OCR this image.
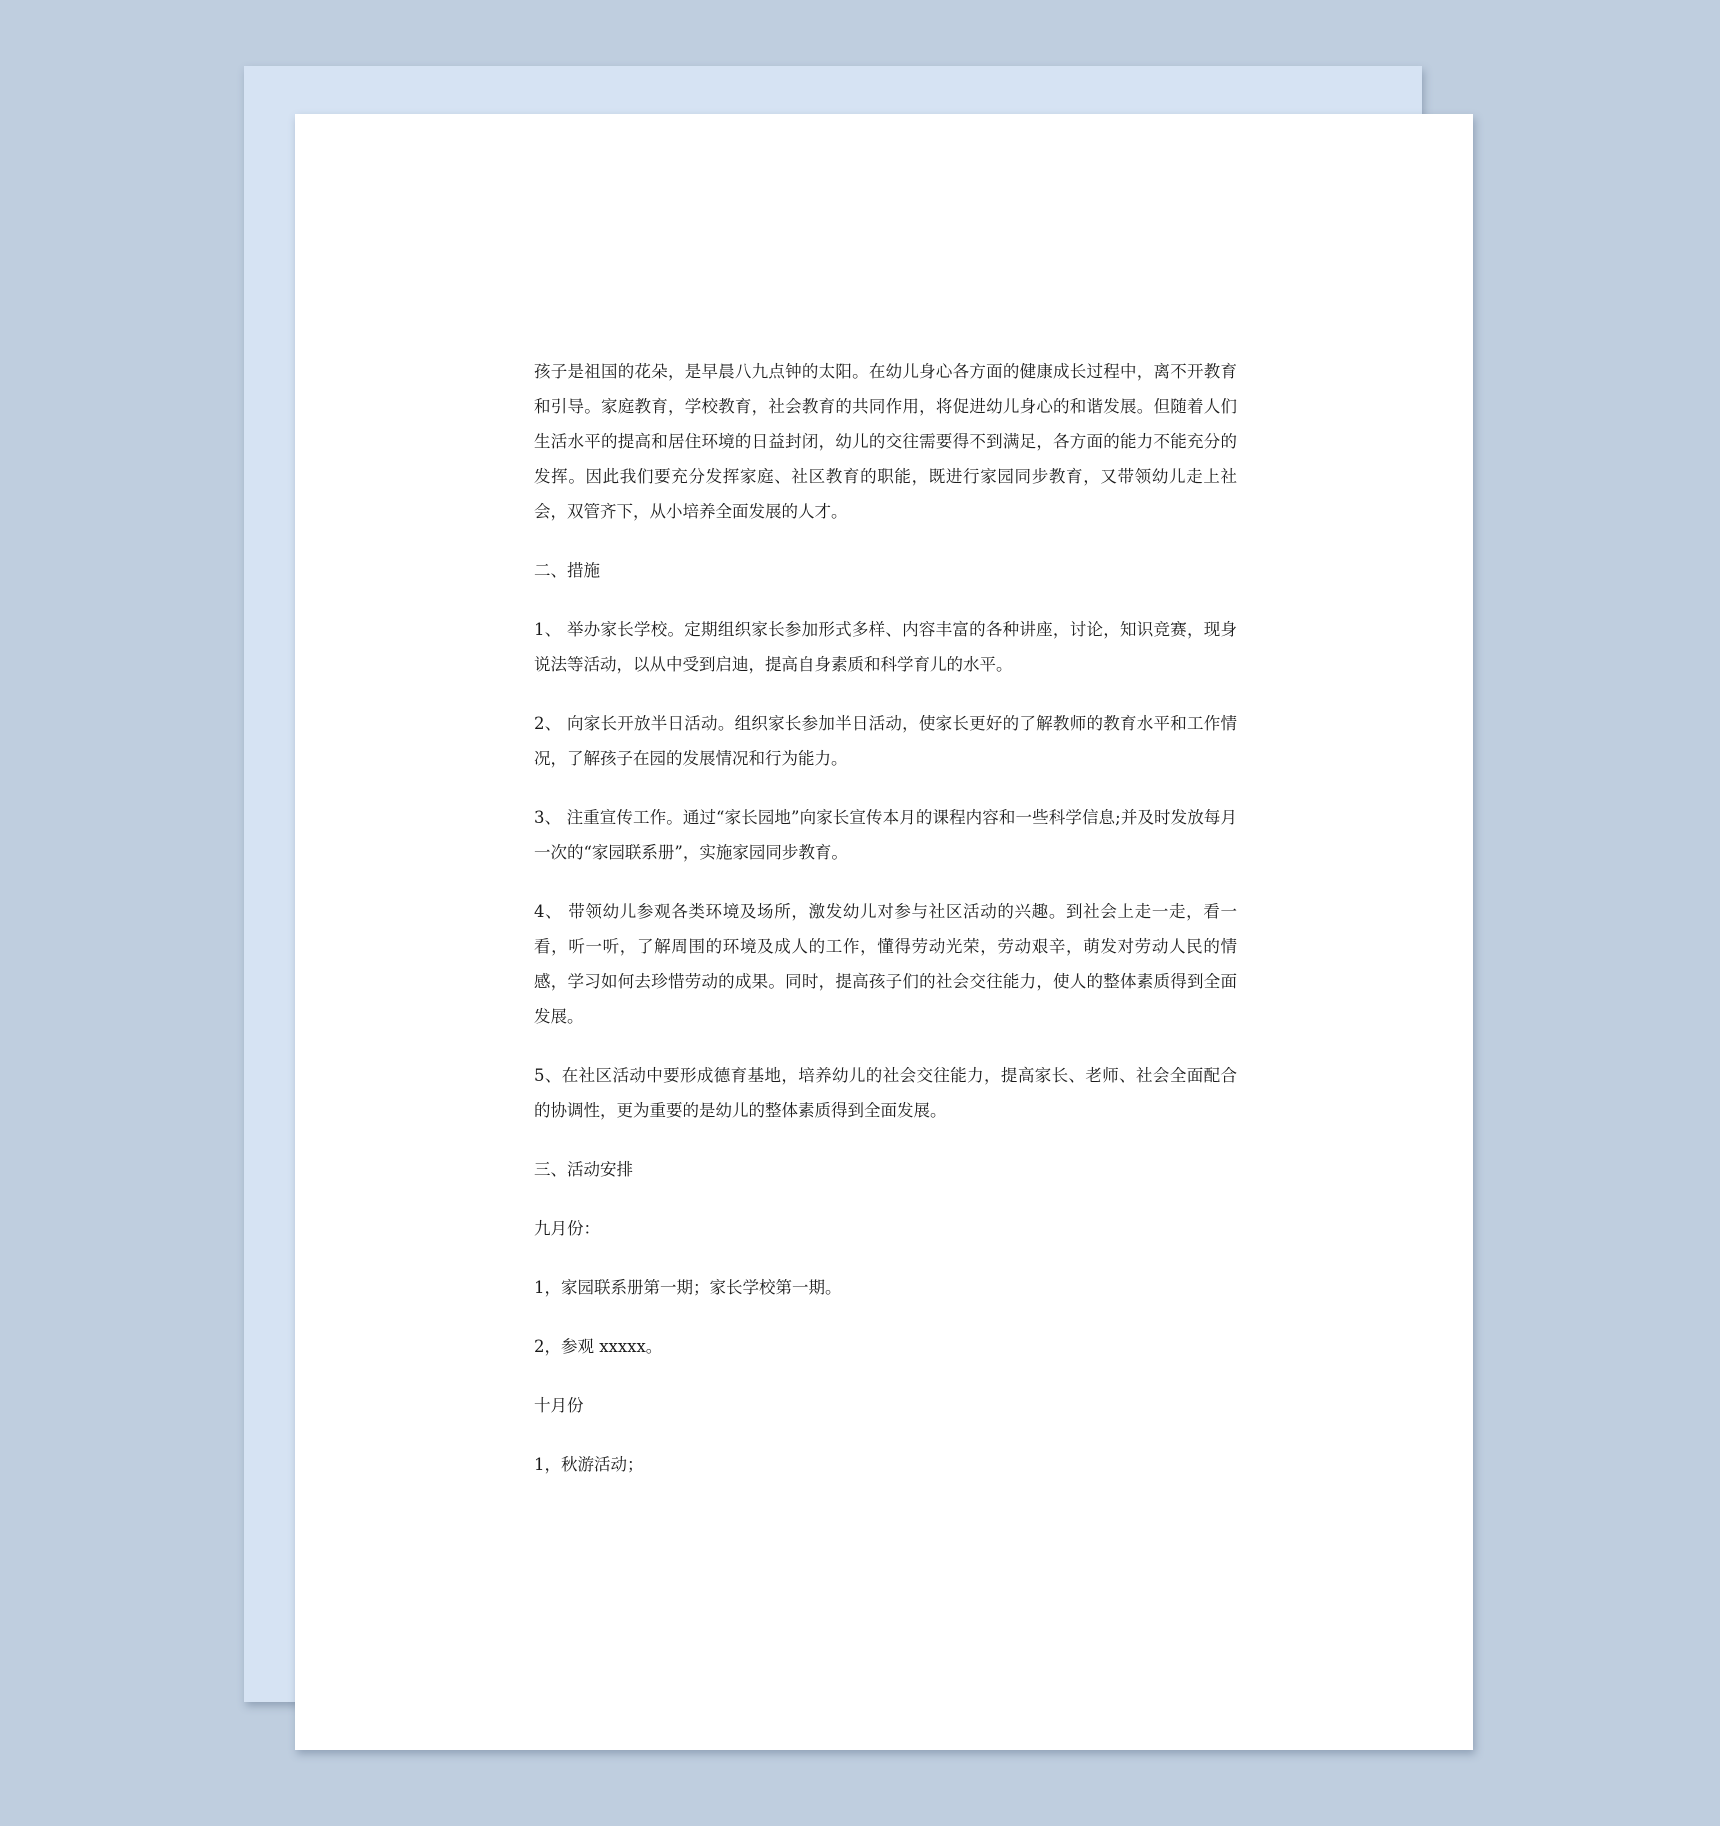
孩子是祖国的花朵，是早晨八九点钟的太阳。在幼儿身心各方面的健康成长过程中，离不开教育和引导。家庭教育，学校教育，社会教育的共同作用，将促进幼儿身心的和谐发展。但随着人们生活水平的提高和居住环境的日益封闭，幼儿的交往需要得不到满足，各方面的能力不能充分的发挥。因此我们要充分发挥家庭、社区教育的职能，既进行家园同步教育，又带领幼儿走上社会，双管齐下，从小培养全面发展的人才。

二、措施

1、 举办家长学校。定期组织家长参加形式多样、内容丰富的各种讲座，讨论，知识竞赛，现身说法等活动，以从中受到启迪，提高自身素质和科学育儿的水平。

2、 向家长开放半日活动。组织家长参加半日活动，使家长更好的了解教师的教育水平和工作情况，了解孩子在园的发展情况和行为能力。

3、 注重宣传工作。通过“家长园地”向家长宣传本月的课程内容和一些科学信息;并及时发放每月一次的“家园联系册”，实施家园同步教育。

4、 带领幼儿参观各类环境及场所，激发幼儿对参与社区活动的兴趣。到社会上走一走，看一看，听一听，了解周围的环境及成人的工作，懂得劳动光荣，劳动艰辛，萌发对劳动人民的情感，学习如何去珍惜劳动的成果。同时，提高孩子们的社会交往能力，使人的整体素质得到全面发展。

5、在社区活动中要形成德育基地，培养幼儿的社会交往能力，提高家长、老师、社会全面配合的协调性，更为重要的是幼儿的整体素质得到全面发展。

三、活动安排

九月份：

1，家园联系册第一期；家长学校第一期。

2，参观 xxxxx。

十月份

1，秋游活动；
